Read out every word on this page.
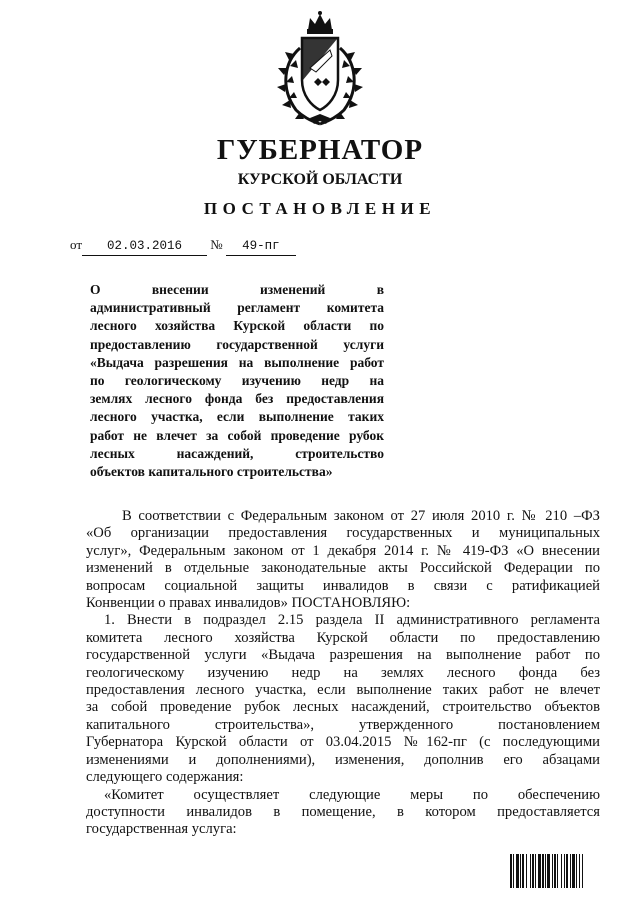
ГУБЕРНАТОР
КУРСКОЙ ОБЛАСТИ
ПОСТАНОВЛЕНИЕ
от 02.03.2016 № 49-пг
О внесении изменений в
административный регламент комитета
лесного хозяйства Курской области по
предоставлению государственной услуги
«Выдача разрешения на выполнение работ
по геологическому изучению недр на
землях лесного фонда без предоставления
лесного участка, если выполнение таких
работ не влечет за собой проведение рубок
лесных насаждений, строительство
объектов капитального строительства»
В соответствии с Федеральным законом от 27 июля 2010 г. № 210 –ФЗ
«Об организации предоставления государственных и муниципальных
услуг», Федеральным законом от 1 декабря 2014 г. № 419-ФЗ «О внесении
изменений в отдельные законодательные акты Российской Федерации по
вопросам социальной защиты инвалидов в связи с ратификацией
Конвенции о правах инвалидов» ПОСТАНОВЛЯЮ:
1. Внести в подраздел 2.15 раздела II административного регламента
комитета лесного хозяйства Курской области по предоставлению
государственной услуги «Выдача разрешения на выполнение работ по
геологическому изучению недр на землях лесного фонда без
предоставления лесного участка, если выполнение таких работ не влечет
за собой проведение рубок лесных насаждений, строительство объектов
капитального строительства», утвержденного постановлением
Губернатора Курской области от 03.04.2015 №162-пг (с последующими
изменениями и дополнениями), изменения, дополнив его абзацами
следующего содержания:
«Комитет осуществляет следующие меры по обеспечению
доступности инвалидов в помещение, в котором предоставляется
государственная услуга:
